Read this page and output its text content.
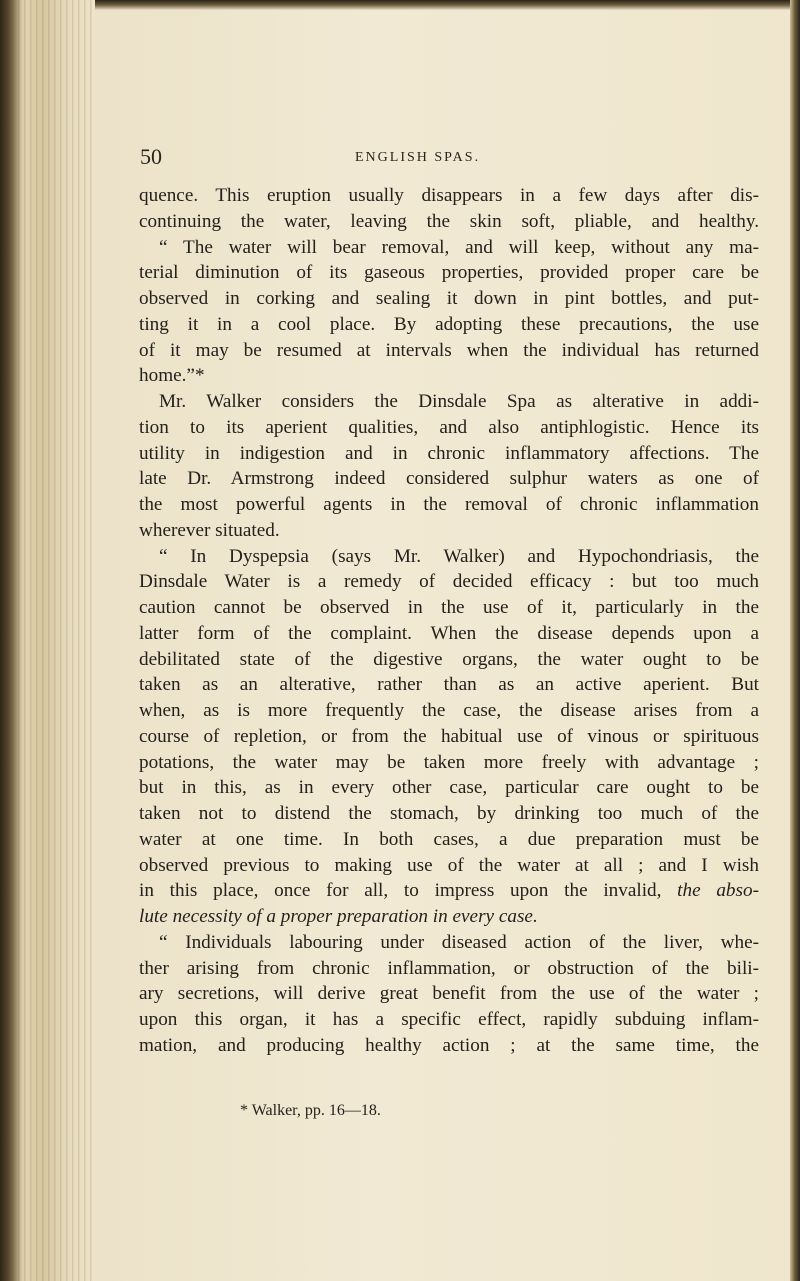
50	ENGLISH SPAS.
quence. This eruption usually disappears in a few days after dis-
continuing the water, leaving the skin soft, pliable, and healthy.
“ The water will bear removal, and will keep, without any ma-
terial diminution of its gaseous properties, provided proper care be
observed in corking and sealing it down in pint bottles, and put-
ting it in a cool place. By adopting these precautions, the use
of it may be resumed at intervals when the individual has returned
home.”*
Mr. Walker considers the Dinsdale Spa as alterative in addi-
tion to its aperient qualities, and also antiphlogistic. Hence its
utility in indigestion and in chronic inflammatory affections. The
late Dr. Armstrong indeed considered sulphur waters as one of
the most powerful agents in the removal of chronic inflammation
wherever situated.
“ In Dyspepsia (says Mr. Walker) and Hypochondriasis, the
Dinsdale Water is a remedy of decided efficacy : but too much
caution cannot be observed in the use of it, particularly in the
latter form of the complaint. When the disease depends upon a
debilitated state of the digestive organs, the water ought to be
taken as an alterative, rather than as an active aperient. But
when, as is more frequently the case, the disease arises from a
course of repletion, or from the habitual use of vinous or spirituous
potations, the water may be taken more freely with advantage ;
but in this, as in every other case, particular care ought to be
taken not to distend the stomach, by drinking too much of the
water at one time. In both cases, a due preparation must be
observed previous to making use of the water at all ; and I wish
in this place, once for all, to impress upon the invalid, the abso-
lute necessity of a proper preparation in every case.
“ Individuals labouring under diseased action of the liver, whe-
ther arising from chronic inflammation, or obstruction of the bili-
ary secretions, will derive great benefit from the use of the water ;
upon this organ, it has a specific effect, rapidly subduing inflam-
mation, and producing healthy action ; at the same time, the
* Walker, pp. 16—18.
